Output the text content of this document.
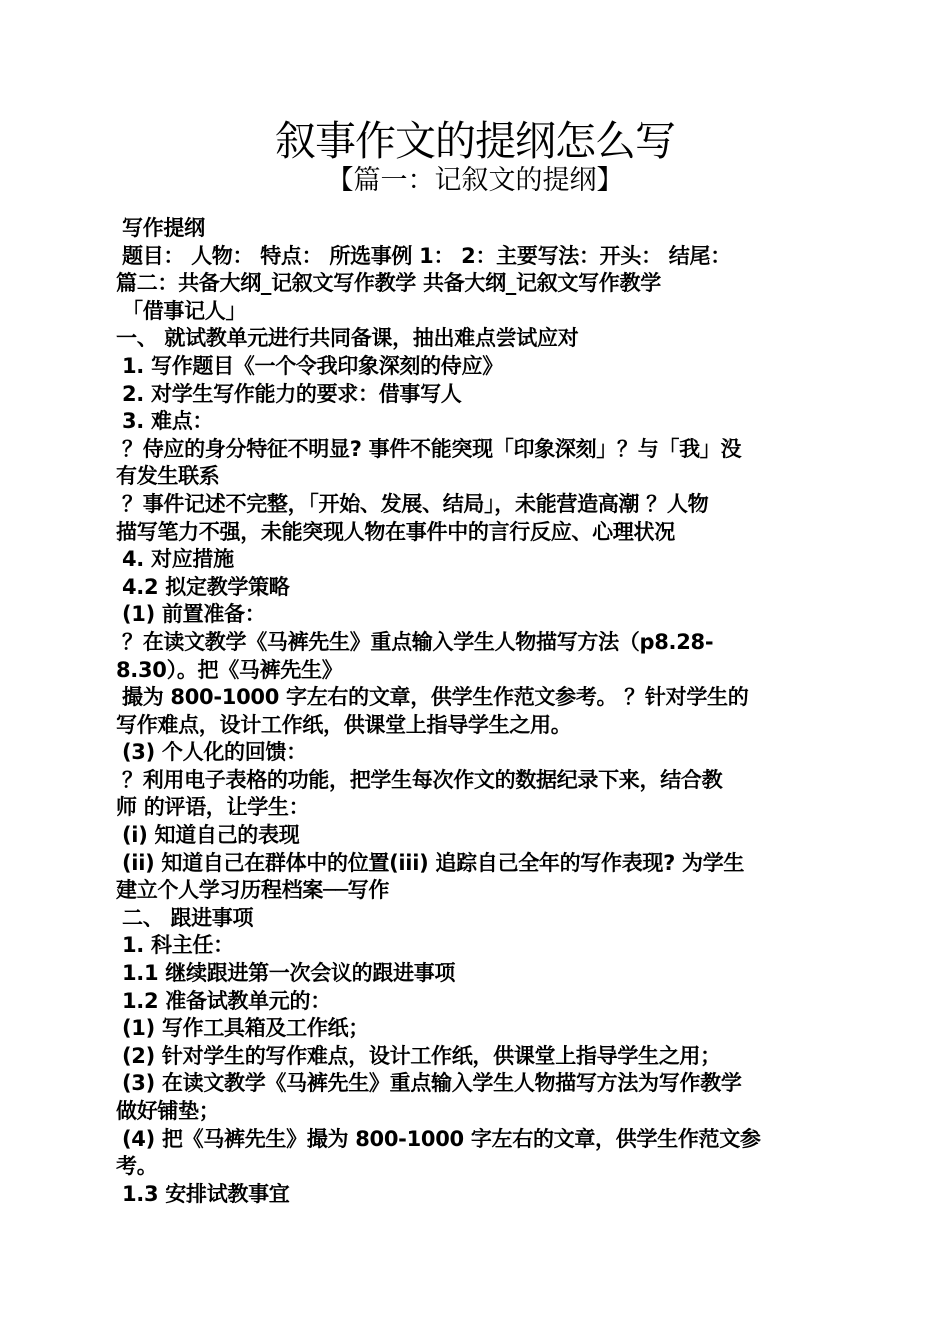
叙事作文的提纲怎么写
【篇一：记叙文的提纲】
写作提纲
题目： 人物： 特点： 所选事例 1： 2：主要写法：开头： 结尾：
篇二：共备大纲_记叙文写作教学 共备大纲_记叙文写作教学
「借事记人」
一、 就试教单元进行共同备课，抽出难点尝试应对
1. 写作题目《一个令我印象深刻的侍应》
2. 对学生写作能力的要求：借事写人
3. 难点：
？侍应的身分特征不明显? 事件不能突现「印象深刻」？与「我」没
有发生联系
？事件记述不完整，「开始、发展、结局」，未能营造高潮 ？人物
描写笔力不强，未能突现人物在事件中的言行反应、心理状况
4. 对应措施
4.2 拟定教学策略
(1) 前置准备：
？在读文教学《马裤先生》重点输入学生人物描写方法（p8.28-
8.30）。把《马裤先生》
撮为 800-1000 字左右的文章，供学生作范文参考。 ？针对学生的
写作难点，设计工作纸，供课堂上指导学生之用。
(3) 个人化的回馈：
？利用电子表格的功能，把学生每次作文的数据纪录下来，结合教
师 的评语，让学生：
(i) 知道自己的表现
(ii) 知道自己在群体中的位置(iii) 追踪自己全年的写作表现? 为学生
建立个人学习历程档案──写作
二、 跟进事项
1. 科主任：
1.1 继续跟进第一次会议的跟进事项
1.2 准备试教单元的：
(1) 写作工具箱及工作纸；
(2) 针对学生的写作难点，设计工作纸，供课堂上指导学生之用；
(3) 在读文教学《马裤先生》重点输入学生人物描写方法为写作教学
做好铺垫；
(4) 把《马裤先生》撮为 800-1000 字左右的文章，供学生作范文参
考。
1.3 安排试教事宜
